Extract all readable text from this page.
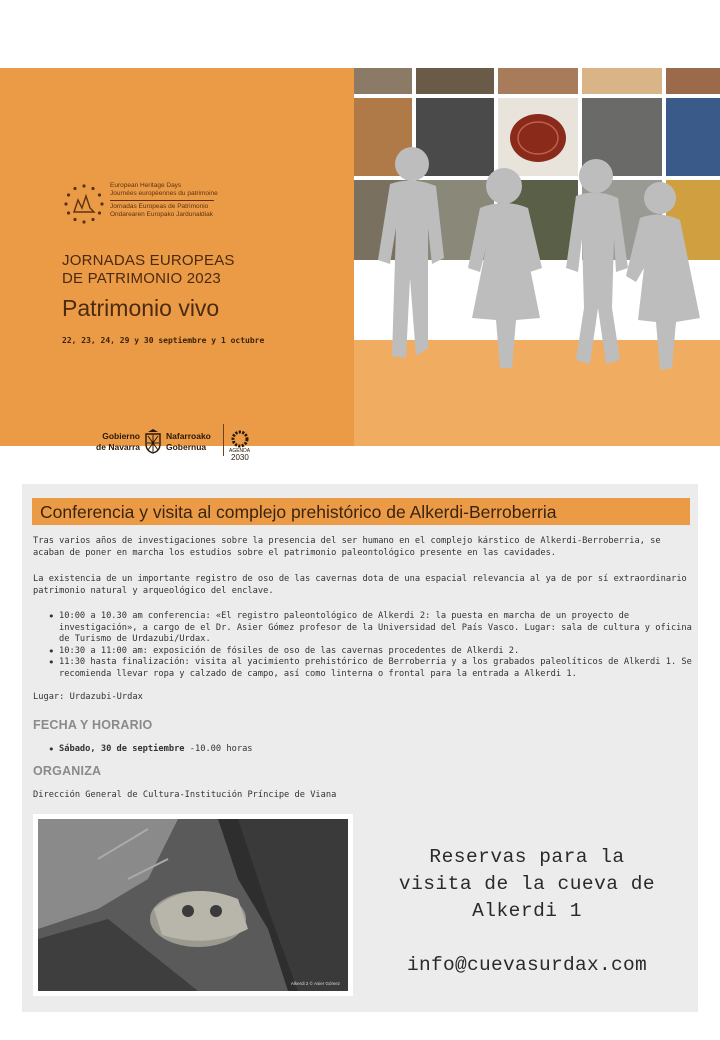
European Heritage Days
Journées européennes du patrimoine
Jornadas Europeas de Patrimonio
Ondarearen Europako Jardunaldiak
JORNADAS EUROPEAS
DE PATRIMONIO 2023
Patrimonio vivo
22, 23, 24, 29 y 30 septiembre y 1 octubre
Gobierno
de Navarra
Nafarroako
Gobernua	AGENDA
2030
Conferencia y visita al complejo prehistórico de Alkerdi-Berroberria
Tras varios años de investigaciones sobre la presencia del ser humano en el complejo kárstico de Alkerdi-Berroberria, se acaban de poner en marcha los estudios sobre el patrimonio paleontológico presente en las cavidades.
La existencia de un importante registro de oso de las cavernas dota de una espacial relevancia al ya de por sí extraordinario patrimonio natural y arqueológico del enclave.
• 10:00 a 10.30 am conferencia: «El registro paleontológico de Alkerdi 2: la puesta en marcha de un proyecto de investigación», a cargo de el Dr. Asier Gómez profesor de la Universidad del País Vasco. Lugar: sala de cultura y oficina de Turismo de Urdazubi/Urdax.
• 10:30 a 11:00 am: exposición de fósiles de oso de las cavernas procedentes de Alkerdi 2.
• 11:30 hasta finalización: visita al yacimiento prehistórico de Berroberria y a los grabados paleolíticos de Alkerdi 1. Se recomienda llevar ropa y calzado de campo, así como linterna o frontal para la entrada a Alkerdi 1.
Lugar: Urdazubi-Urdax
FECHA Y HORARIO
• Sábado, 30 de septiembre -10.00 horas
ORGANIZA
Dirección General de Cultura-Institución Príncipe de Viana
Alkerdi 2 © Asier Gómez
Reservas para la
visita de la cueva de
Alkerdi 1
info@cuevasurdax.com
